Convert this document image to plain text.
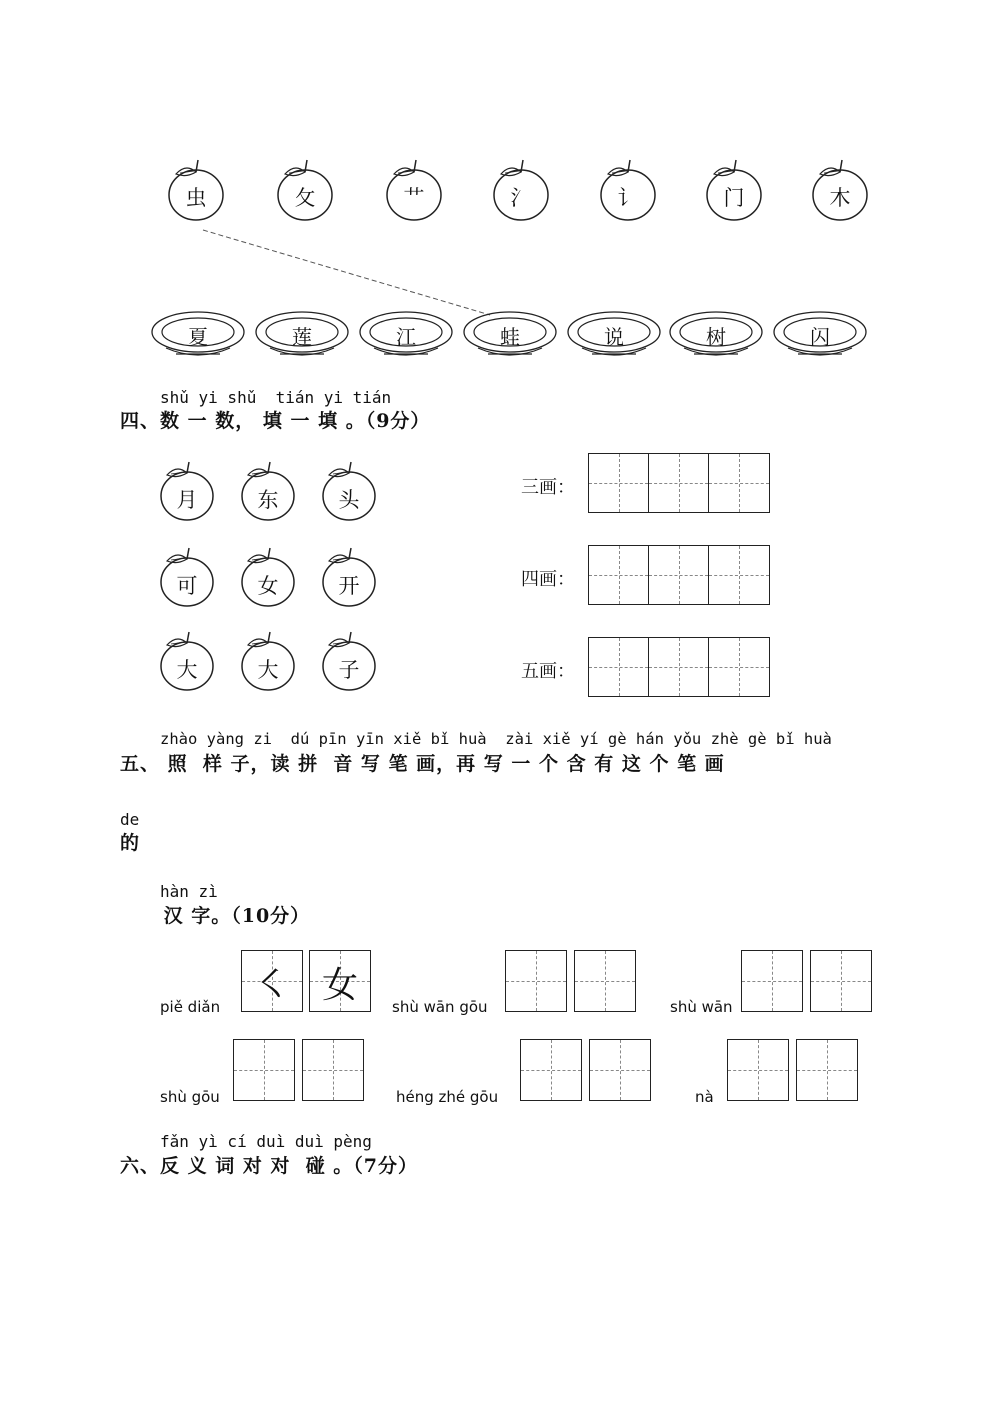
虫	攵	艹	氵	讠	门	木
夏	莲	江	蛙	说	树	闪
shǔ yi shǔ  tián yi tián
四、数 一 数， 填 一 填 。（9分）
月	东	头
可	女	开
大	大	子
三画：
四画：
五画：
zhào yàng zi  dú pīn yīn xiě bǐ huà  zài xiě yí gè hán yǒu zhè gè bǐ huà
五、 照  样 子，读 拼  音 写 笔 画，再 写 一 个 含 有 这 个 笔 画
de
的
hàn zì
汉 字。（10分）
piě diǎn
㇛ 女
shù wān gōu	shù wān
shù gōu	héng zhé gōu	nà
fǎn yì cí duì duì pèng
六、反 义 词 对 对  碰 。（7分）
